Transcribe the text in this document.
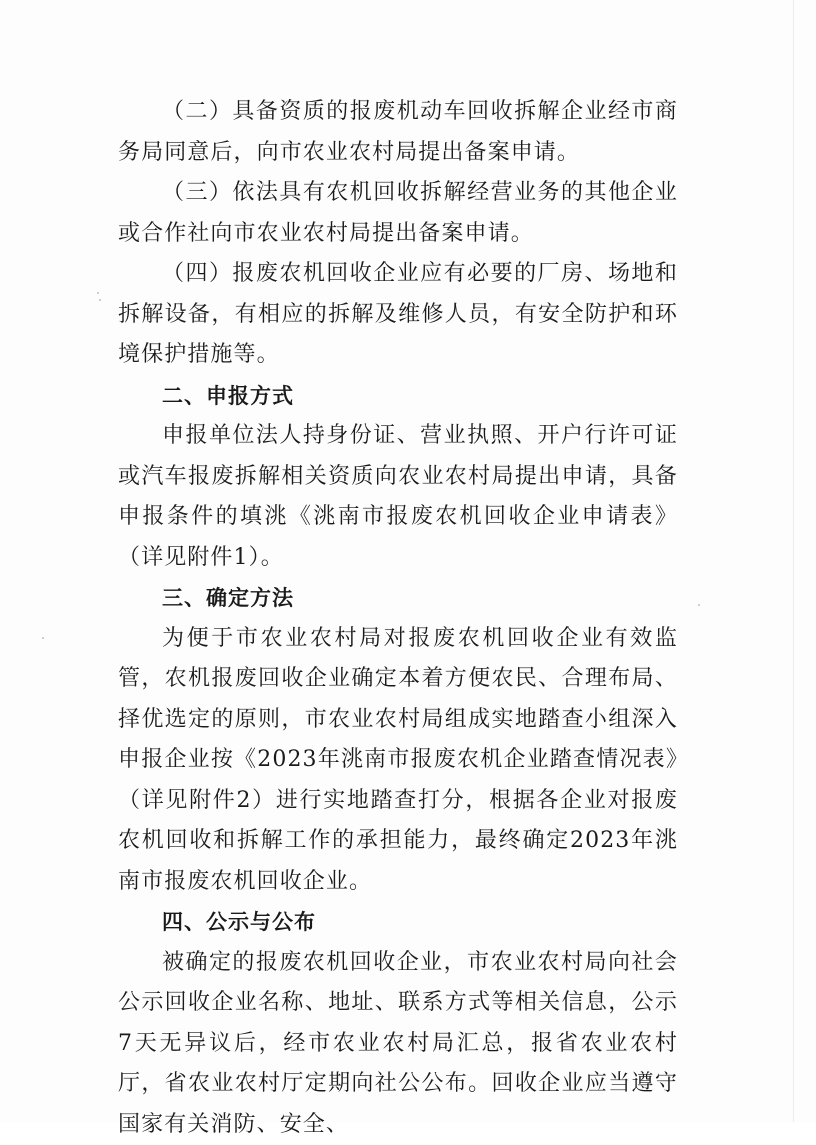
（二）具备资质的报废机动车回收拆解企业经市商务局同意后，向市农业农村局提出备案申请。

（三）依法具有农机回收拆解经营业务的其他企业或合作社向市农业农村局提出备案申请。

（四）报废农机回收企业应有必要的厂房、场地和拆解设备，有相应的拆解及维修人员，有安全防护和环境保护措施等。

二、申报方式

申报单位法人持身份证、营业执照、开户行许可证或汽车报废拆解相关资质向农业农村局提出申请，具备申报条件的填洮《洮南市报废农机回收企业申请表》（详见附件1）。

三、确定方法

为便于市农业农村局对报废农机回收企业有效监管，农机报废回收企业确定本着方便农民、合理布局、择优选定的原则，市农业农村局组成实地踏查小组深入申报企业按《2023年洮南市报废农机企业踏查情况表》（详见附件2）进行实地踏查打分，根据各企业对报废农机回收和拆解工作的承担能力，最终确定2023年洮南市报废农机回收企业。

四、公示与公布

被确定的报废农机回收企业，市农业农村局向社会公示回收企业名称、地址、联系方式等相关信息，公示7天无异议后，经市农业农村局汇总，报省农业农村厅，省农业农村厅定期向社公公布。回收企业应当遵守国家有关消防、安全、
